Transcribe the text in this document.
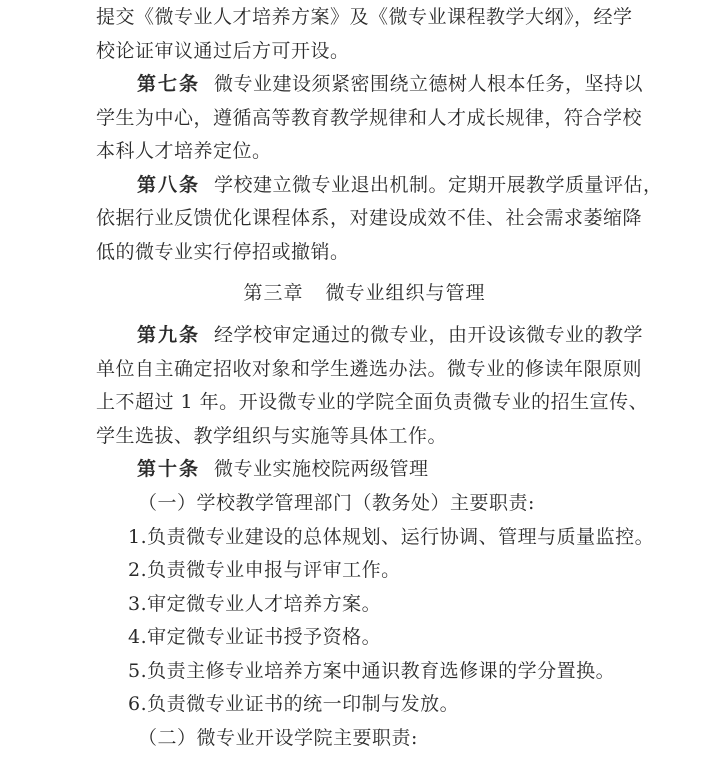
提交《微专业人才培养方案》及《微专业课程教学大纲》，经学
校论证审议通过后方可开设。
第七条 微专业建设须紧密围绕立德树人根本任务，坚持以
学生为中心，遵循高等教育教学规律和人才成长规律，符合学校
本科人才培养定位。
第八条 学校建立微专业退出机制。定期开展教学质量评估，
依据行业反馈优化课程体系，对建设成效不佳、社会需求萎缩降
低的微专业实行停招或撤销。
第三章 微专业组织与管理
第九条 经学校审定通过的微专业，由开设该微专业的教学
单位自主确定招收对象和学生遴选办法。微专业的修读年限原则
上不超过 1 年。开设微专业的学院全面负责微专业的招生宣传、
学生选拔、教学组织与实施等具体工作。
第十条 微专业实施校院两级管理
（一）学校教学管理部门（教务处）主要职责:
1.负责微专业建设的总体规划、运行协调、管理与质量监控。
2.负责微专业申报与评审工作。
3.审定微专业人才培养方案。
4.审定微专业证书授予资格。
5.负责主修专业培养方案中通识教育选修课的学分置换。
6.负责微专业证书的统一印制与发放。
（二）微专业开设学院主要职责:
